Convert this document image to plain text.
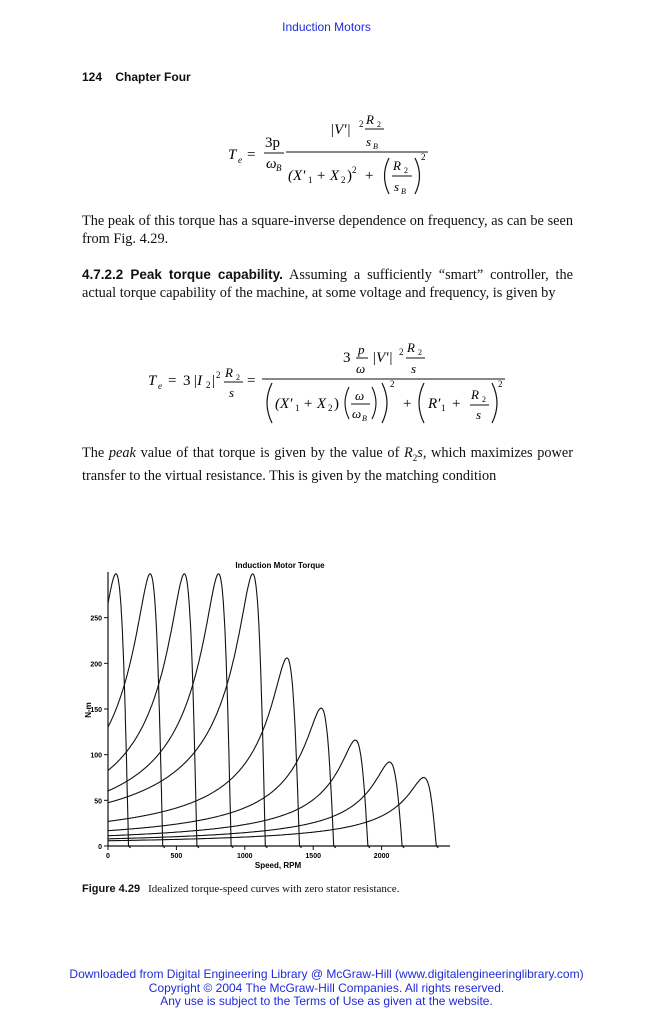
Induction Motors
124 Chapter Four
T e =
3p
ω B
|V′| 2 R 2
s B
(X′ 1 + X 2 ) 2 +
R 2
s B
2
The peak of this torque has a square-inverse dependence on frequency, as can be seen from Fig. 4.29.
4.7.2.2 Peak torque capability. Assuming a sufficiently “smart” controller, the actual torque capability of the machine, at some voltage and frequency, is given by
T e = 3 |I 2 | 2 R 2
s
=
3
p
ω
|V′| 2 R 2
s
(X′ 1 + X 2 )
ω
ω B
2
+ R′ 1 +
R 2
s
2
The peak value of that torque is given by the value of $R_2s$, which maximizes power transfer to the virtual resistance. This is given by the matching condition
Induction Motor Torque
0
50
100
150
200
250
0	500	1000	1500	2000
N-m
Speed, RPM
Figure 4.29 Idealized torque-speed curves with zero stator resistance.
Downloaded from Digital Engineering Library @ McGraw-Hill (www.digitalengineeringlibrary.com)
Copyright © 2004 The McGraw-Hill Companies. All rights reserved.
Any use is subject to the Terms of Use as given at the website.
